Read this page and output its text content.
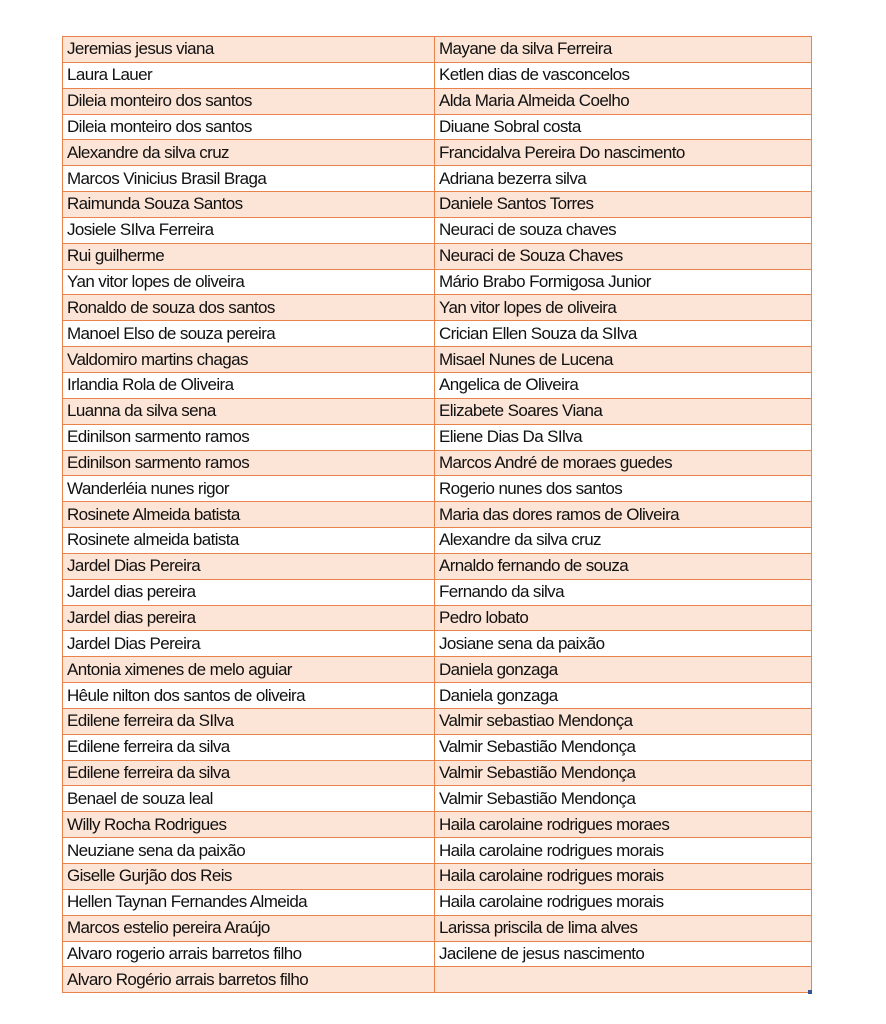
Jeremias jesus viana	Mayane da silva Ferreira
Laura Lauer	Ketlen dias de vasconcelos
Dileia monteiro dos santos	Alda Maria Almeida Coelho
Dileia monteiro dos santos	Diuane Sobral costa
Alexandre da silva cruz	Francidalva Pereira Do nascimento
Marcos Vinicius Brasil Braga	Adriana bezerra silva
Raimunda Souza Santos	Daniele Santos Torres
Josiele SIlva Ferreira	Neuraci de souza chaves
Rui guilherme	Neuraci de Souza Chaves
Yan vitor lopes de oliveira	Mário Brabo Formigosa Junior
Ronaldo de souza dos santos	Yan vitor lopes de oliveira
Manoel Elso de souza pereira	Crician Ellen Souza da SIlva
Valdomiro martins chagas	Misael Nunes de Lucena
Irlandia Rola de Oliveira	Angelica de Oliveira
Luanna da silva sena	Elizabete Soares Viana
Edinilson sarmento ramos	Eliene Dias Da SIlva
Edinilson sarmento ramos	Marcos André de moraes guedes
Wanderléia nunes rigor	Rogerio nunes dos santos
Rosinete Almeida batista	Maria das dores ramos de Oliveira
Rosinete almeida batista	Alexandre da silva cruz
Jardel Dias Pereira	Arnaldo fernando de souza
Jardel dias pereira	Fernando da silva
Jardel dias pereira	Pedro lobato
Jardel Dias Pereira	Josiane sena da paixão
Antonia ximenes de melo aguiar	Daniela gonzaga
Hêule nilton dos santos de oliveira	Daniela gonzaga
Edilene ferreira da SIlva	Valmir sebastiao Mendonça
Edilene ferreira da silva	Valmir Sebastião Mendonça
Edilene ferreira da silva	Valmir Sebastião Mendonça
Benael de souza leal	Valmir Sebastião Mendonça
Willy Rocha Rodrigues	Haila carolaine rodrigues moraes
Neuziane sena da paixão	Haila carolaine rodrigues morais
Giselle Gurjão dos Reis	Haila carolaine rodrigues morais
Hellen Taynan Fernandes Almeida	Haila carolaine rodrigues morais
Marcos estelio pereira Araújo	Larissa priscila de lima alves
Alvaro rogerio arrais barretos filho	Jacilene de jesus nascimento
Alvaro Rogério arrais barretos filho	
